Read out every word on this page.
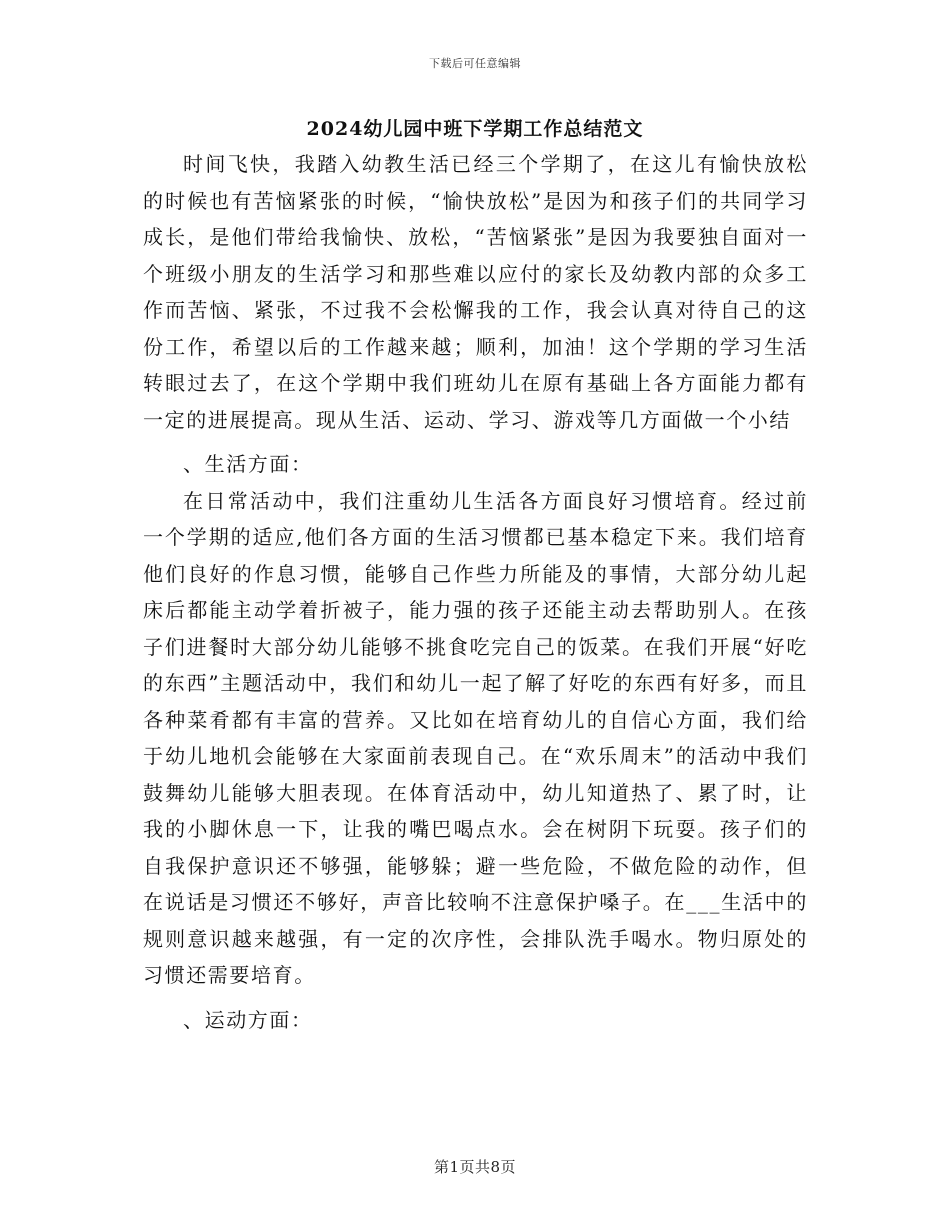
下载后可任意编辑
2024幼儿园中班下学期工作总结范文

时间飞快，我踏入幼教生活已经三个学期了，在这儿有愉快放松的时候也有苦恼紧张的时候，“愉快放松”是因为和孩子们的共同学习成长，是他们带给我愉快、放松，“苦恼紧张”是因为我要独自面对一个班级小朋友的生活学习和那些难以应付的家长及幼教内部的众多工作而苦恼、紧张，不过我不会松懈我的工作，我会认真对待自己的这份工作，希望以后的工作越来越；顺利，加油！这个学期的学习生活转眼过去了，在这个学期中我们班幼儿在原有基础上各方面能力都有一定的进展提高。现从生活、运动、学习、游戏等几方面做一个小结

、生活方面：

在日常活动中，我们注重幼儿生活各方面良好习惯培育。经过前一个学期的适应,他们各方面的生活习惯都已基本稳定下来。我们培育他们良好的作息习惯，能够自己作些力所能及的事情，大部分幼儿起床后都能主动学着折被子，能力强的孩子还能主动去帮助别人。在孩子们进餐时大部分幼儿能够不挑食吃完自己的饭菜。在我们开展“好吃的东西”主题活动中，我们和幼儿一起了解了好吃的东西有好多，而且各种菜肴都有丰富的营养。又比如在培育幼儿的自信心方面，我们给于幼儿地机会能够在大家面前表现自己。在“欢乐周末”的活动中我们鼓舞幼儿能够大胆表现。在体育活动中，幼儿知道热了、累了时，让我的小脚休息一下，让我的嘴巴喝点水。会在树阴下玩耍。孩子们的自我保护意识还不够强，能够躲；避一些危险，不做危险的动作，但在说话是习惯还不够好，声音比较响不注意保护嗓子。在___生活中的规则意识越来越强，有一定的次序性，会排队洗手喝水。物归原处的习惯还需要培育。

、运动方面：

第1页共8页
